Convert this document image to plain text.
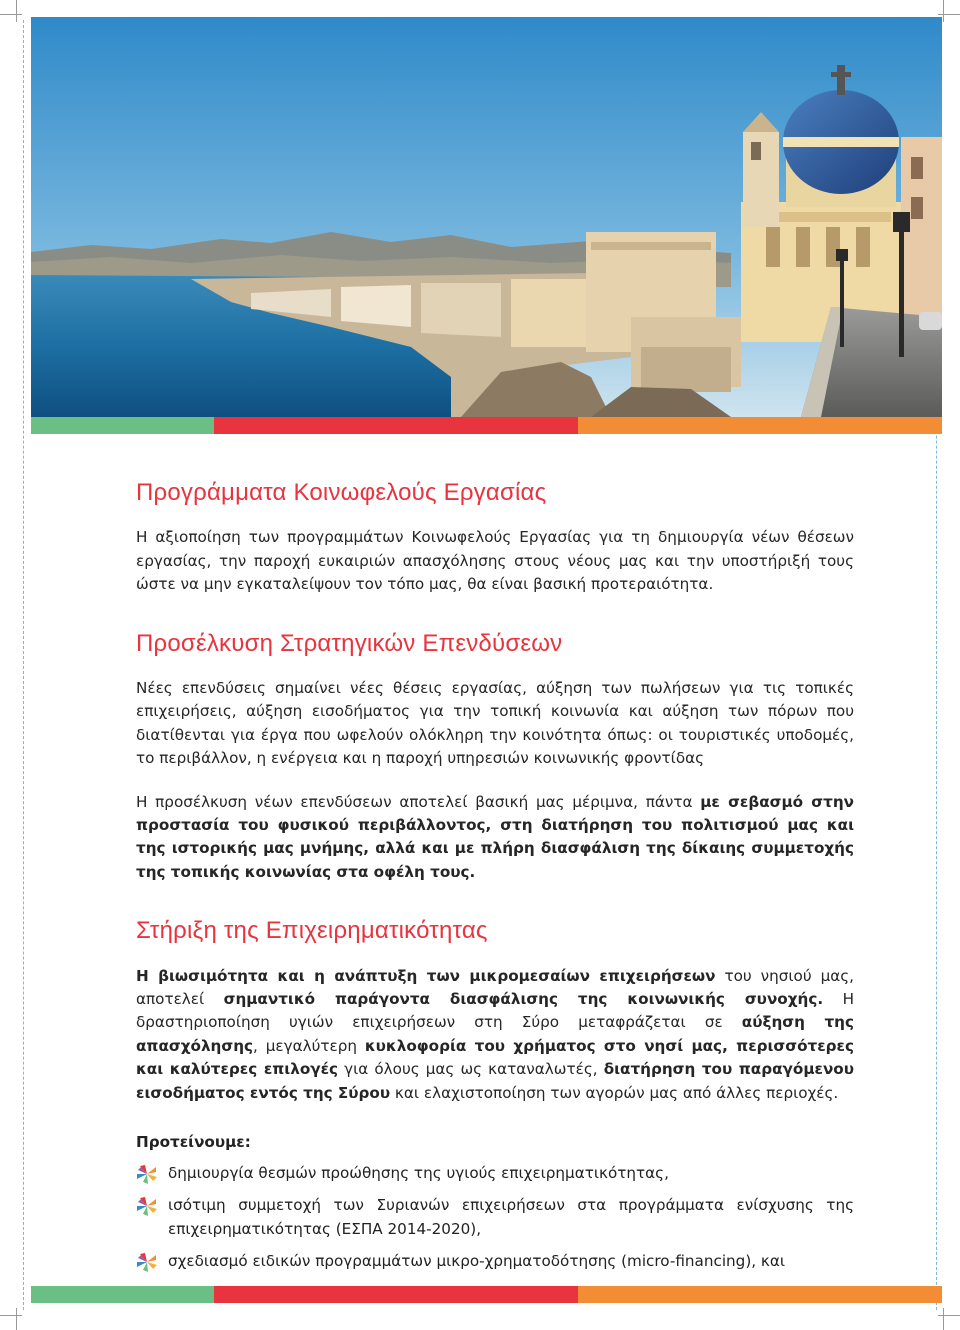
Προγράμματα Κοινωφελούς Εργασίας

Η αξιοποίηση των προγραμμάτων Κοινωφελούς Εργασίας για τη δημιουργία νέων θέσεων εργασίας, την παροχή ευκαιριών απασχόλησης στους νέους μας και την υποστήριξή τους ώστε να μην εγκαταλείψουν τον τόπο μας, θα είναι βασική προτεραιότητα.

Προσέλκυση Στρατηγικών Επενδύσεων

Νέες επενδύσεις σημαίνει νέες θέσεις εργασίας, αύξηση των πωλήσεων για τις τοπικές επιχειρήσεις, αύξηση εισοδήματος για την τοπική κοινωνία και αύξηση των πόρων που διατίθενται για έργα που ωφελούν ολόκληρη την κοινότητα όπως: οι τουριστικές υποδομές, το περιβάλλον, η ενέργεια και η παροχή υπηρεσιών κοινωνικής φροντίδας

Η προσέλκυση νέων επενδύσεων αποτελεί βασική μας μέριμνα, πάντα με σεβασμό στην προστασία του φυσικού περιβάλλοντος, στη διατήρηση του πολιτισμού μας και της ιστορικής μας μνήμης, αλλά και με πλήρη διασφάλιση της δίκαιης συμμετοχής της τοπικής κοινωνίας στα οφέλη τους.

Στήριξη της Επιχειρηματικότητας

Η βιωσιμότητα και η ανάπτυξη των μικρομεσαίων επιχειρήσεων του νησιού μας, αποτελεί σημαντικό παράγοντα διασφάλισης της κοινωνικής συνοχής. Η δραστηριοποίηση υγιών επιχειρήσεων στη Σύρο μεταφράζεται σε αύξηση της απασχόλησης, μεγαλύτερη κυκλοφορία του χρήματος στο νησί μας, περισσότερες και καλύτερες επιλογές για όλους μας ως καταναλωτές, διατήρηση του παραγόμενου εισοδήματος εντός της Σύρου και ελαχιστοποίηση των αγορών μας από άλλες περιοχές.

Προτείνουμε:
δημιουργία θεσμών προώθησης της υγιούς επιχειρηματικότητας,
ισότιμη συμμετοχή των Συριανών επιχειρήσεων στα προγράμματα ενίσχυσης της επιχειρηματικότητας (ΕΣΠΑ 2014-2020),
σχεδιασμό ειδικών προγραμμάτων μικρο-χρηματοδότησης (micro-financing), και
